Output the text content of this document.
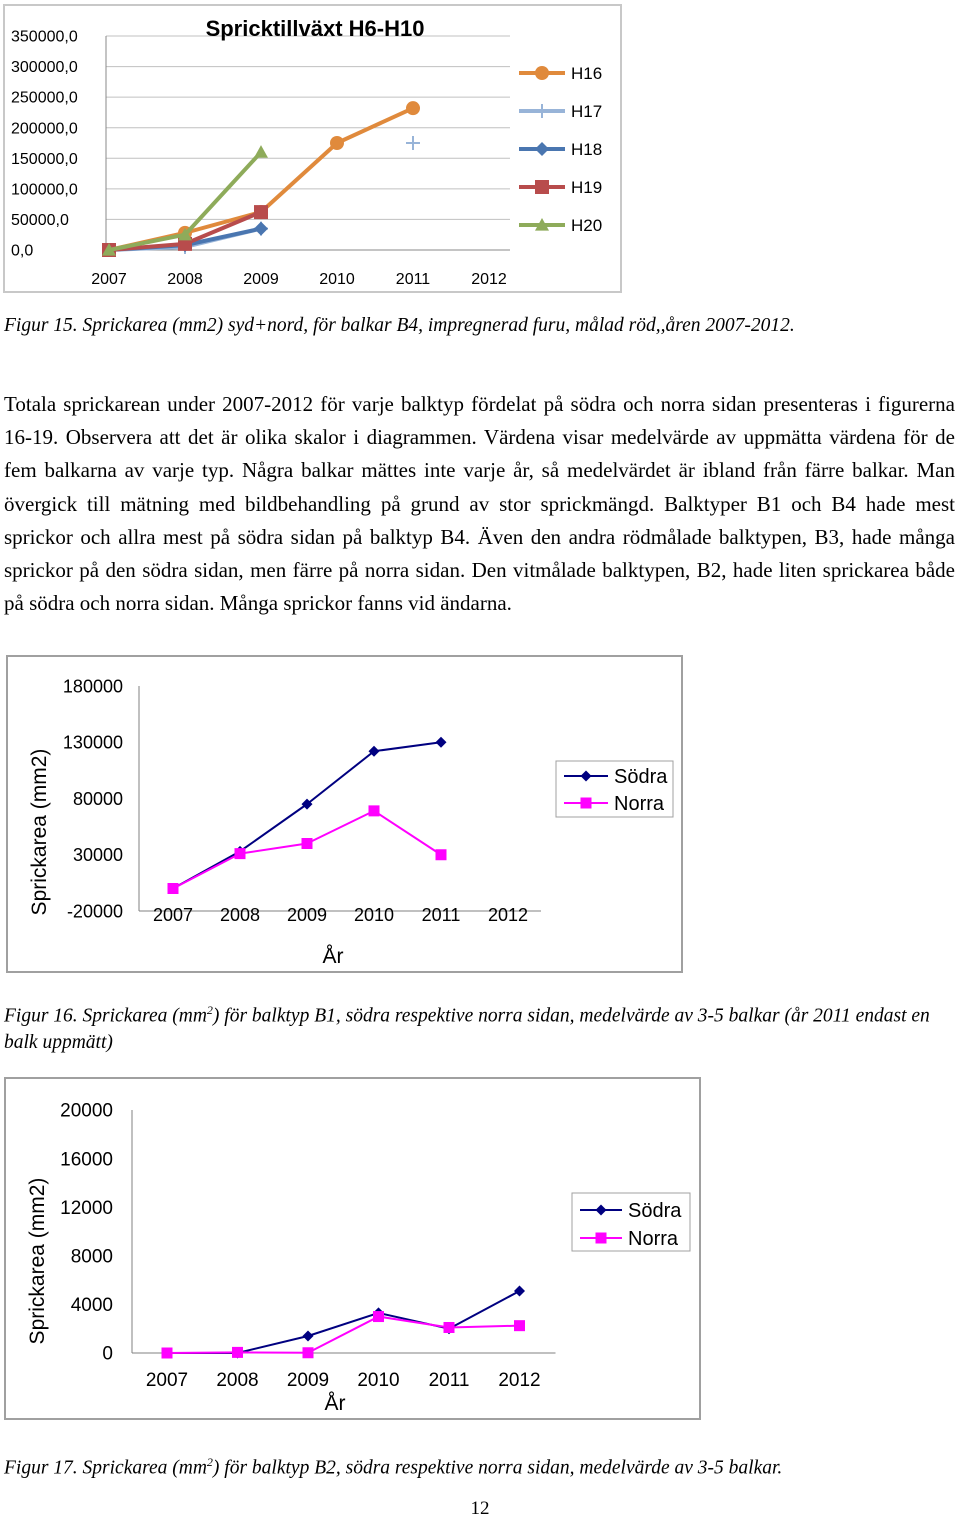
350000,0
300000,0
250000,0
200000,0
150000,0
100000,0
50000,0
0,0
2007	2008	2009	2010	2011	2012
Spricktillväxt H6-H10
H16
H17
H18
H19
H20

Figur 15. Sprickarea (mm2) syd+nord, för balkar B4, impregnerad furu, målad röd,,åren 2007-2012.

Totala sprickarean under 2007-2012 för varje balktyp fördelat på södra och norra sidan presenteras i figurerna 16-19. Observera att det är olika skalor i diagrammen. Värdena visar medelvärde av uppmätta värdena för de fem balkarna av varje typ. Några balkar mättes inte varje år, så medelvärdet är ibland från färre balkar. Man övergick till mätning med bildbehandling på grund av stor sprickmängd. Balktyper B1 och B4 hade mest sprickor och allra mest på södra sidan på balktyp B4. Även den andra rödmålade balktypen, B3, hade många sprickor på den södra sidan, men färre på norra sidan. Den vitmålade balktypen, B2, hade liten sprickarea både på södra och norra sidan. Många sprickor fanns vid ändarna.

180000
130000
80000
30000
-20000 2007 2008 2009 2010 2011 2012
År
Sprickarea (mm2)	Södra
Norra

Figur 16. Sprickarea $(mm^2)$ för balktyp B1, södra respektive norra sidan, medelvärde av 3-5 balkar (år 2011 endast en balk uppmätt)

20000
16000
12000
8000
4000
0
2007 2008 2009 2010 2011 2012
År
Sprickarea (mm2)	Södra
Norra

Figur 17. Sprickarea $(mm^2)$ för balktyp B2, södra respektive norra sidan, medelvärde av 3-5 balkar.

12
